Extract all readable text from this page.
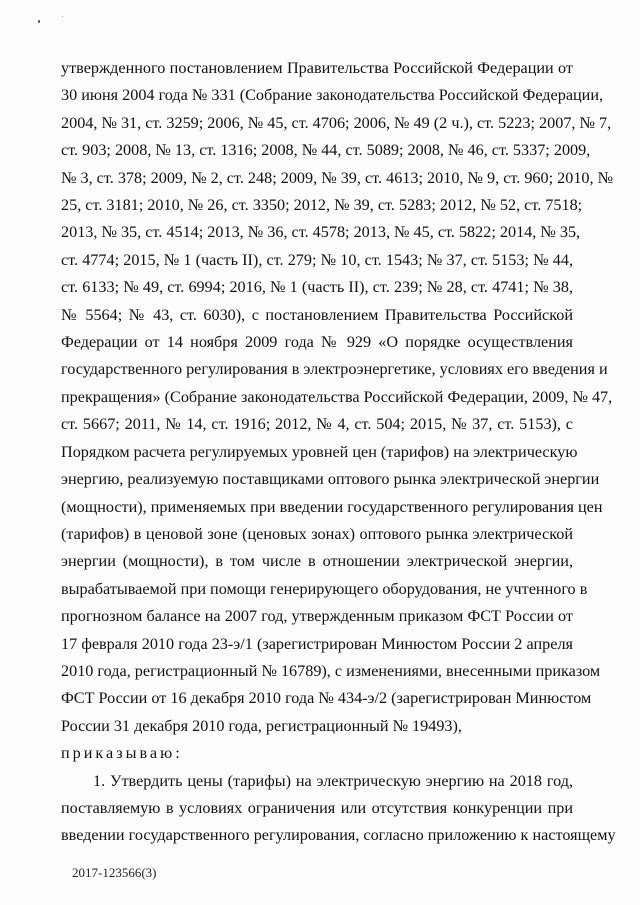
утвержденного постановлением Правительства Российской Федерации от
30 июня 2004 года № 331 (Собрание законодательства Российской Федерации,
2004, № 31, ст. 3259; 2006, № 45, ст. 4706; 2006, № 49 (2 ч.), ст. 5223; 2007, № 7,
ст. 903; 2008, № 13, ст. 1316; 2008, № 44, ст. 5089; 2008, № 46, ст. 5337; 2009,
№ 3, ст. 378; 2009, № 2, ст. 248; 2009, № 39, ст. 4613; 2010, № 9, ст. 960; 2010, №
25, ст. 3181; 2010, № 26, ст. 3350; 2012, № 39, ст. 5283; 2012, № 52, ст. 7518;
2013, № 35, ст. 4514; 2013, № 36, ст. 4578; 2013, № 45, ст. 5822; 2014, № 35,
ст. 4774; 2015, № 1 (часть II), ст. 279; № 10, ст. 1543; № 37, ст. 5153; № 44,
ст. 6133; № 49, ст. 6994; 2016, № 1 (часть II), ст. 239; № 28, ст. 4741; № 38,
№ 5564; № 43, ст. 6030), с постановлением Правительства Российской
Федерации от 14 ноября 2009 года № 929 «О порядке осуществления
государственного регулирования в электроэнергетике, условиях его введения и
прекращения» (Собрание законодательства Российской Федерации, 2009, № 47,
ст. 5667; 2011, № 14, ст. 1916; 2012, № 4, ст. 504; 2015, № 37, ст. 5153), с
Порядком расчета регулируемых уровней цен (тарифов) на электрическую
энергию, реализуемую поставщиками оптового рынка электрической энергии
(мощности), применяемых при введении государственного регулирования цен
(тарифов) в ценовой зоне (ценовых зонах) оптового рынка электрической
энергии (мощности), в том числе в отношении электрической энергии,
вырабатываемой при помощи генерирующего оборудования, не учтенного в
прогнозном балансе на 2007 год, утвержденным приказом ФСТ России от
17 февраля 2010 года 23-э/1 (зарегистрирован Минюстом России 2 апреля
2010 года, регистрационный № 16789), с изменениями, внесенными приказом
ФСТ России от 16 декабря 2010 года № 434-э/2 (зарегистрирован Минюстом
России 31 декабря 2010 года, регистрационный № 19493),
приказываю:
1. Утвердить цены (тарифы) на электрическую энергию на 2018 год,
поставляемую в условиях ограничения или отсутствия конкуренции при
введении государственного регулирования, согласно приложению к настоящему
2017-123566(3)
